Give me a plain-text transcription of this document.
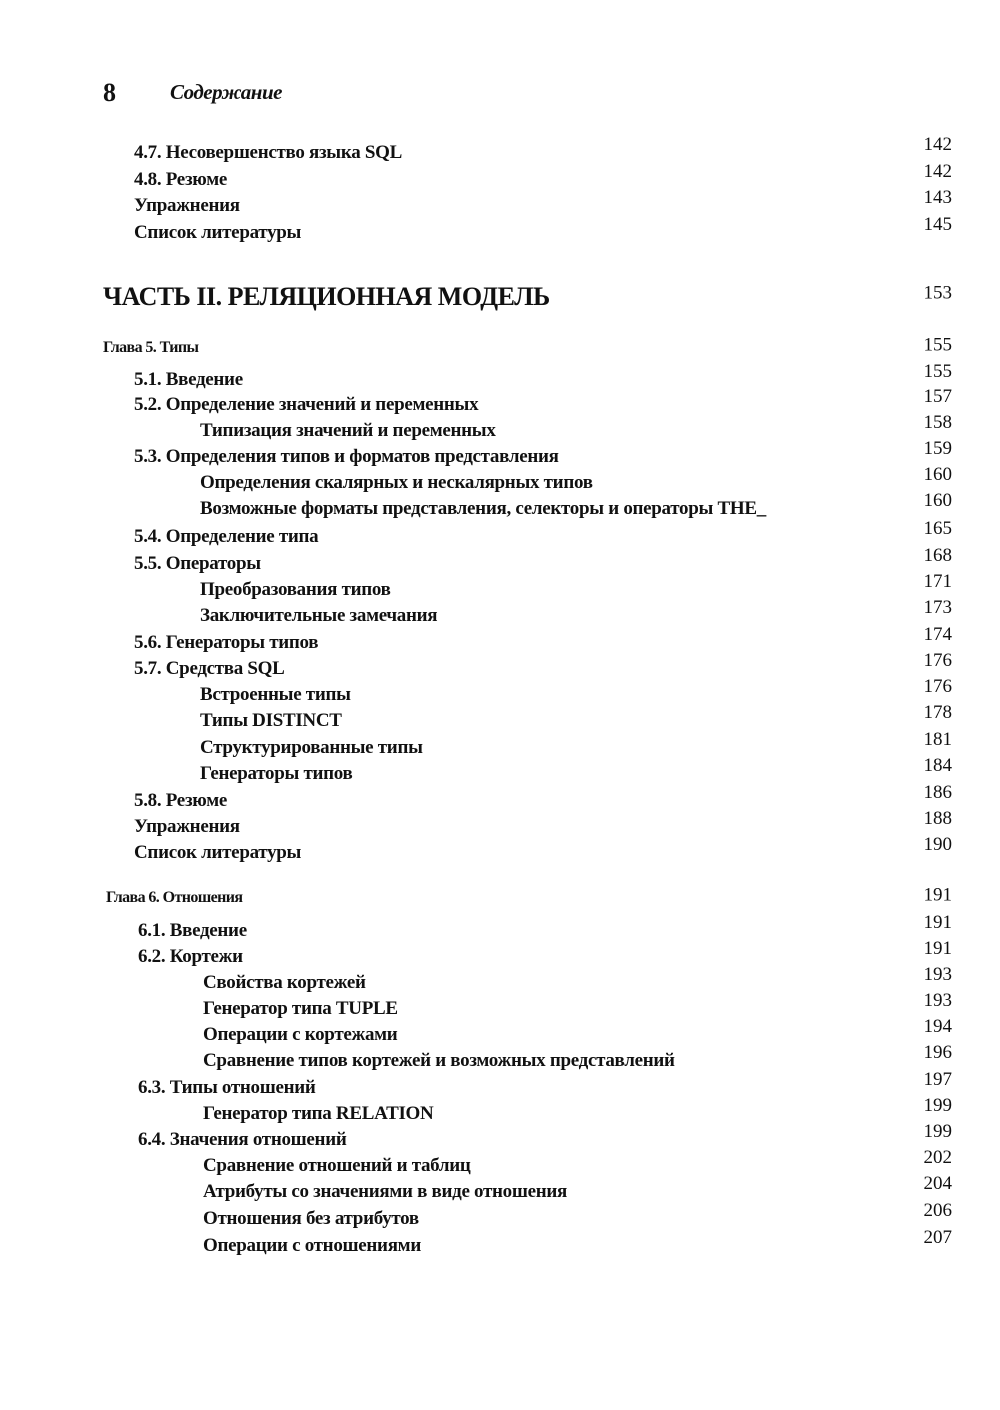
8	Содержание
4.7. Несовершенство языка SQL	142
4.8. Резюме	142
Упражнения	143
Список литературы	145
ЧАСТЬ II. РЕЛЯЦИОННАЯ МОДЕЛЬ	153
Глава 5. Типы	155
5.1. Введение	155
5.2. Определение значений и переменных	157
Типизация значений и переменных	158
5.3. Определения типов и форматов представления	159
Определения скалярных и нескалярных типов	160
Возможные форматы представления, селекторы и операторы THE_	160
5.4. Определение типа	165
5.5. Операторы	168
Преобразования типов	171
Заключительные замечания	173
5.6. Генераторы типов	174
5.7. Средства SQL	176
Встроенные типы	176
Типы DISTINCT	178
Структурированные типы	181
Генераторы типов	184
5.8. Резюме	186
Упражнения	188
Список литературы	190
Глава 6. Отношения	191
6.1. Введение	191
6.2. Кортежи	191
Свойства кортежей	193
Генератор типа TUPLE	193
Операции с кортежами	194
Сравнение типов кортежей и возможных представлений	196
6.3. Типы отношений	197
Генератор типа RELATION	199
6.4. Значения отношений	199
Сравнение отношений и таблиц	202
Атрибуты со значениями в виде отношения	204
Отношения без атрибутов	206
Операции с отношениями	207
